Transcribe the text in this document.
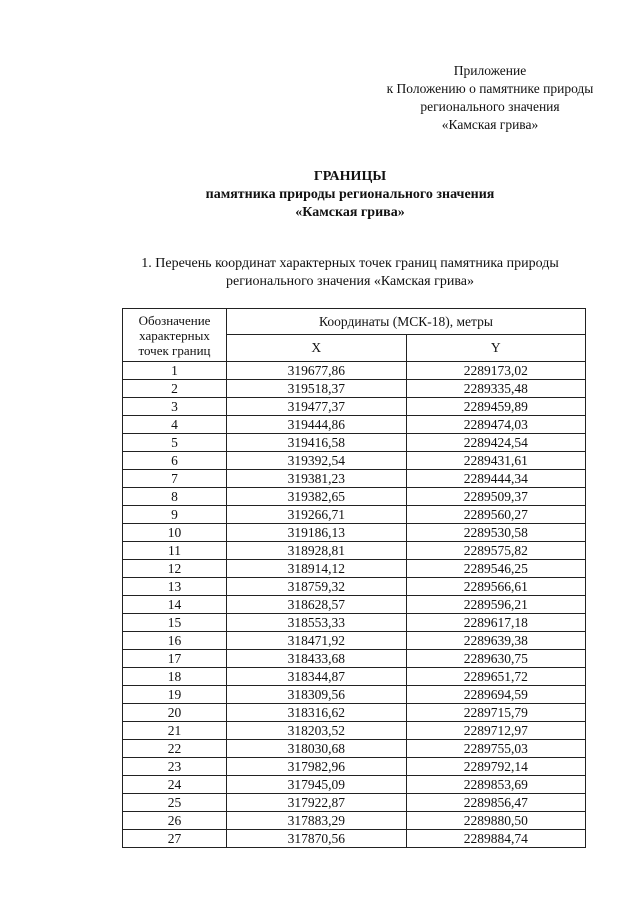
Приложение
к Положению о памятнике природы
регионального значения
«Камская грива»
ГРАНИЦЫ
памятника природы регионального значения
«Камская грива»
1. Перечень координат характерных точек границ памятника природы
регионального значения «Камская грива»
Обозначение характерных точек границ	Координаты (МСК-18), метры	
	X	Y
1	319677,86	2289173,02
2	319518,37	2289335,48
3	319477,37	2289459,89
4	319444,86	2289474,03
5	319416,58	2289424,54
6	319392,54	2289431,61
7	319381,23	2289444,34
8	319382,65	2289509,37
9	319266,71	2289560,27
10	319186,13	2289530,58
11	318928,81	2289575,82
12	318914,12	2289546,25
13	318759,32	2289566,61
14	318628,57	2289596,21
15	318553,33	2289617,18
16	318471,92	2289639,38
17	318433,68	2289630,75
18	318344,87	2289651,72
19	318309,56	2289694,59
20	318316,62	2289715,79
21	318203,52	2289712,97
22	318030,68	2289755,03
23	317982,96	2289792,14
24	317945,09	2289853,69
25	317922,87	2289856,47
26	317883,29	2289880,50
27	317870,56	2289884,74
